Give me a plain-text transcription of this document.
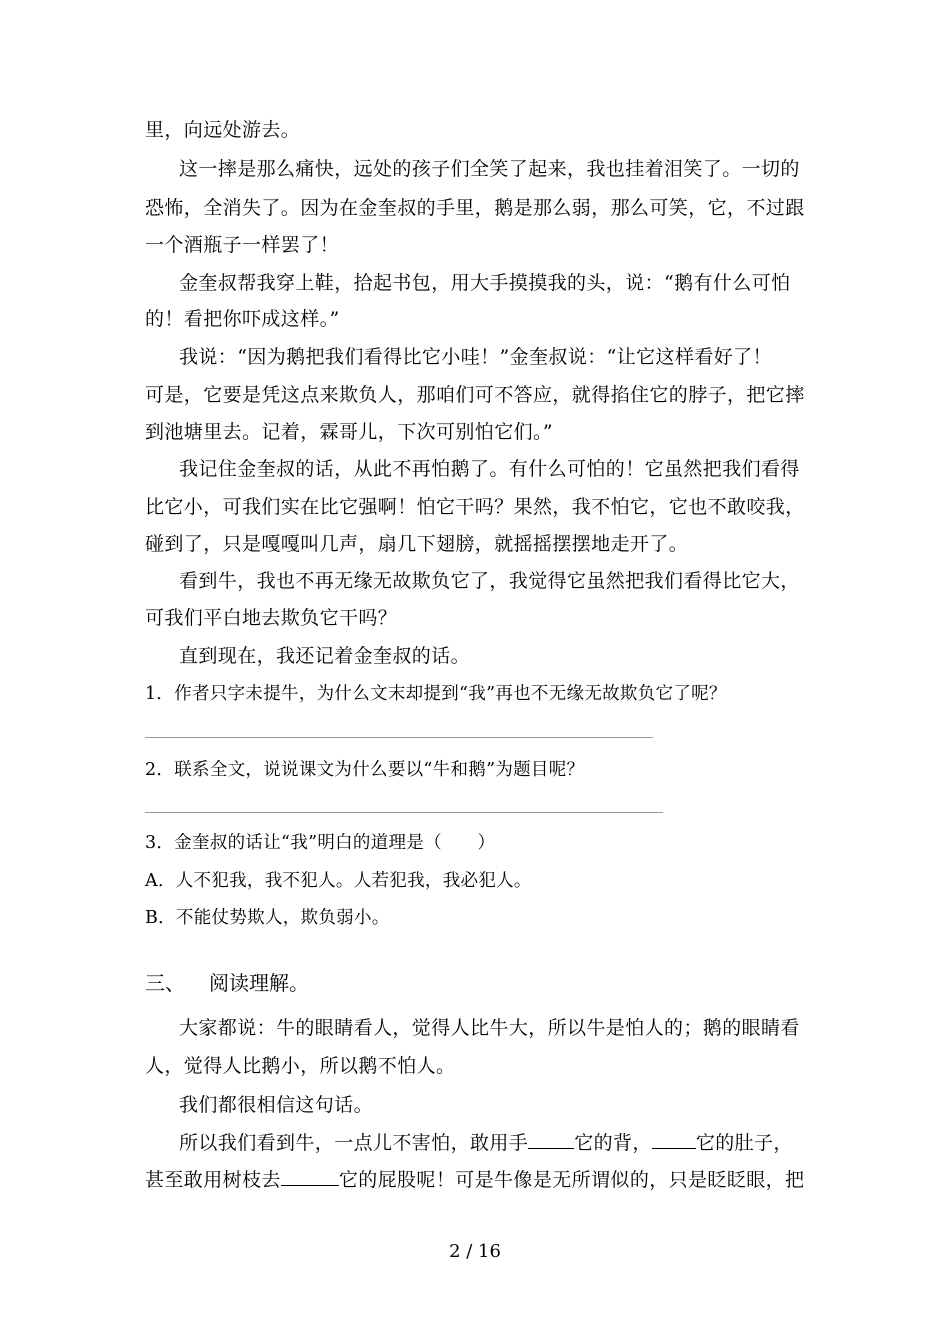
里，向远处游去。
这一摔是那么痛快，远处的孩子们全笑了起来，我也挂着泪笑了。一切的
恐怖，全消失了。因为在金奎叔的手里，鹅是那么弱，那么可笑，它，不过跟
一个酒瓶子一样罢了！
金奎叔帮我穿上鞋，拾起书包，用大手摸摸我的头，说：“鹅有什么可怕
的！看把你吓成这样。”
我说：“因为鹅把我们看得比它小哇！”金奎叔说：“让它这样看好了！
可是，它要是凭这点来欺负人，那咱们可不答应，就得掐住它的脖子，把它摔
到池塘里去。记着，霖哥儿，下次可别怕它们。”
我记住金奎叔的话，从此不再怕鹅了。有什么可怕的！它虽然把我们看得
比它小，可我们实在比它强啊！怕它干吗？果然，我不怕它，它也不敢咬我，
碰到了，只是嘎嘎叫几声，扇几下翅膀，就摇摇摆摆地走开了。
看到牛，我也不再无缘无故欺负它了，我觉得它虽然把我们看得比它大，
可我们平白地去欺负它干吗？
直到现在，我还记着金奎叔的话。
1．作者只字未提牛，为什么文末却提到“我”再也不无缘无故欺负它了呢？
2．联系全文，说说课文为什么要以“牛和鹅”为题目呢？
3．金奎叔的话让“我”明白的道理是（　　）
A．人不犯我，我不犯人。人若犯我，我必犯人。
B．不能仗势欺人，欺负弱小。
三、 阅读理解。
大家都说：牛的眼睛看人，觉得人比牛大，所以牛是怕人的；鹅的眼睛看
人，觉得人比鹅小，所以鹅不怕人。
我们都很相信这句话。
所以我们看到牛，一点儿不害怕，敢用手 它的背， 它的肚子，
甚至敢用树枝去	它的屁股呢！可是牛像是无所谓似的，只是眨眨眼，把
2 / 16
